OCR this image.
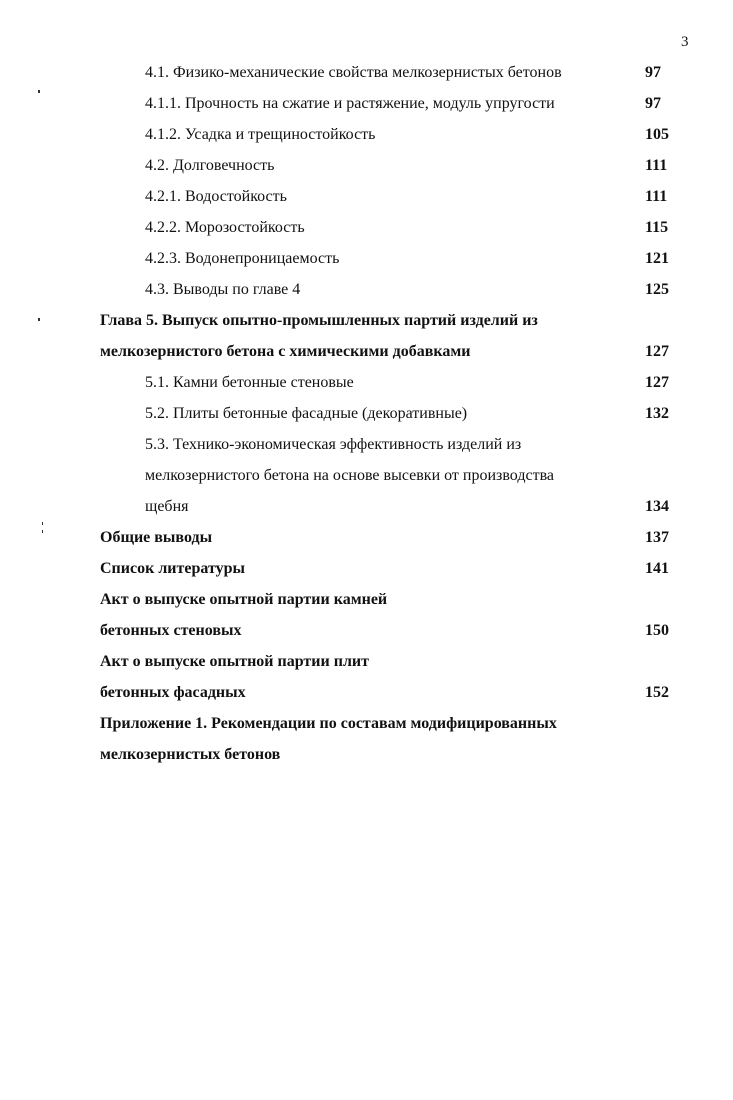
3
4.1. Физико-механические свойства мелкозернистых бетонов	97
4.1.1. Прочность на сжатие и растяжение, модуль упругости	97
4.1.2. Усадка и трещиностойкость	105
4.2. Долговечность	111
4.2.1. Водостойкость	111
4.2.2. Морозостойкость	115
4.2.3. Водонепроницаемость	121
4.3. Выводы по главе 4	125
Глава 5. Выпуск опытно-промышленных партий изделий из
мелкозернистого бетона с химическими добавками	127
5.1. Камни бетонные стеновые	127
5.2. Плиты бетонные фасадные (декоративные)	132
5.3. Технико-экономическая эффективность изделий из
мелкозернистого бетона на основе высевки от производства
щебня	134
Общие выводы	137
Список литературы	141
Акт о выпуске опытной партии камней
бетонных стеновых	150
Акт о выпуске опытной партии плит
бетонных фасадных	152
Приложение 1. Рекомендации по составам модифицированных
мелкозернистых бетонов
